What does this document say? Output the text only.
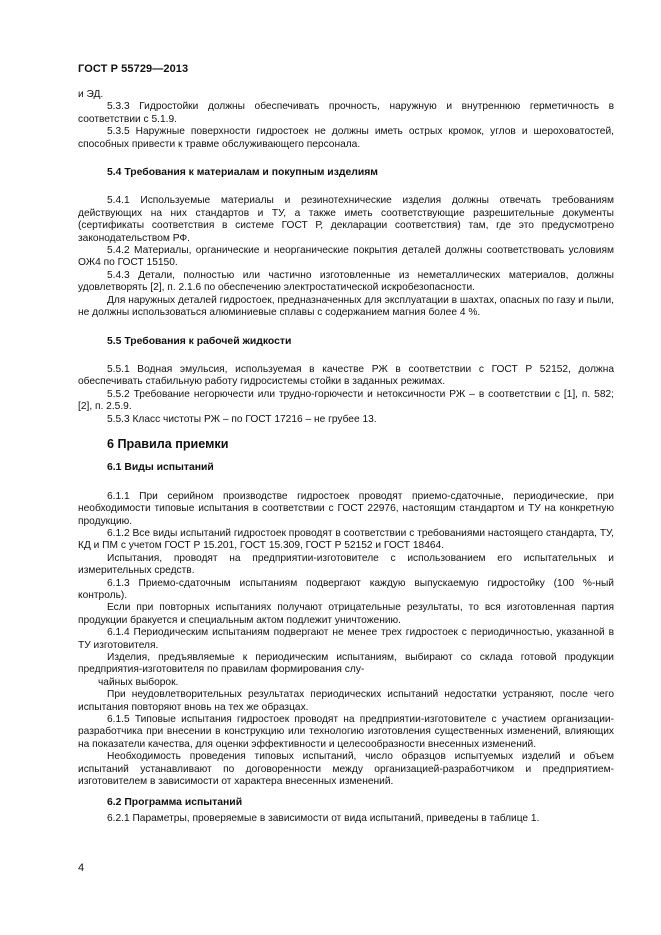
ГОСТ Р 55729—2013

и ЭД.

5.3.3 Гидростойки должны обеспечивать прочность, наружную и внутреннюю герметичность в соответствии с 5.1.9.

5.3.5 Наружные поверхности гидростоек не должны иметь острых кромок, углов и шероховатостей, способных привести к травме обслуживающего персонала.

5.4 Требования к материалам и покупным изделиям

5.4.1 Используемые материалы и резинотехнические изделия должны отвечать требованиям действующих на них стандартов и ТУ, а также иметь соответствующие разрешительные документы (сертификаты соответствия в системе ГОСТ Р, декларации соответствия) там, где это предусмотрено законодательством РФ.

5.4.2 Материалы, органические и неорганические покрытия деталей должны соответствовать условиям ОЖ4 по ГОСТ 15150.

5.4.3 Детали, полностью или частично изготовленные из неметаллических материалов, должны удовлетворять [2], п. 2.1.6 по обеспечению электростатической искробезопасности.

Для наружных деталей гидростоек, предназначенных для эксплуатации в шахтах, опасных по газу и пыли, не должны использоваться алюминиевые сплавы с содержанием магния более 4 %.

5.5 Требования к рабочей жидкости

5.5.1 Водная эмульсия, используемая в качестве РЖ в соответствии с ГОСТ Р 52152, должна обеспечивать стабильную работу гидросистемы стойки в заданных режимах.

5.5.2 Требование негорючести или трудно-горючести и нетоксичности РЖ – в соответствии с [1], п. 582; [2], п. 2.5.9.

5.5.3 Класс чистоты РЖ – по ГОСТ 17216 – не грубее 13.

6 Правила приемки
6.1 Виды испытаний

6.1.1 При серийном производстве гидростоек проводят приемо-сдаточные, периодические, при необходимости типовые испытания в соответствии с ГОСТ 22976, настоящим стандартом и ТУ на конкретную продукцию.

6.1.2 Все виды испытаний гидростоек проводят в соответствии с требованиями настоящего стандарта, ТУ, КД и ПМ с учетом ГОСТ Р 15.201, ГОСТ 15.309, ГОСТ Р 52152 и ГОСТ 18464.

Испытания, проводят на предприятии-изготовителе с использованием его испытательных и измерительных средств.

6.1.3 Приемо-сдаточным испытаниям подвергают каждую выпускаемую гидростойку (100 %-ный контроль).

Если при повторных испытаниях получают отрицательные результаты, то вся изготовленная партия продукции бракуется и специальным актом подлежит уничтожению.

6.1.4 Периодическим испытаниям подвергают не менее трех гидростоек с периодичностью, указанной в ТУ изготовителя.

Изделия, предъявляемые к периодическим испытаниям, выбирают со склада готовой продукции предприятия-изготовителя по правилам формирования слу-

чайных выборок.

При неудовлетворительных результатах периодических испытаний недостатки устраняют, после чего испытания повторяют вновь на тех же образцах.

6.1.5 Типовые испытания гидростоек проводят на предприятии-изготовителе с участием организации-разработчика при внесении в конструкцию или технологию изготовления существенных изменений, влияющих на показатели качества, для оценки эффективности и целесообразности внесенных изменений.

Необходимость проведения типовых испытаний, число образцов испытуемых изделий и объем испытаний устанавливают по договоренности между организацией-разработчиком и предприятием-изготовителем в зависимости от характера внесенных изменений.

6.2 Программа испытаний

6.2.1 Параметры, проверяемые в зависимости от вида испытаний, приведены в таблице 1.

4
